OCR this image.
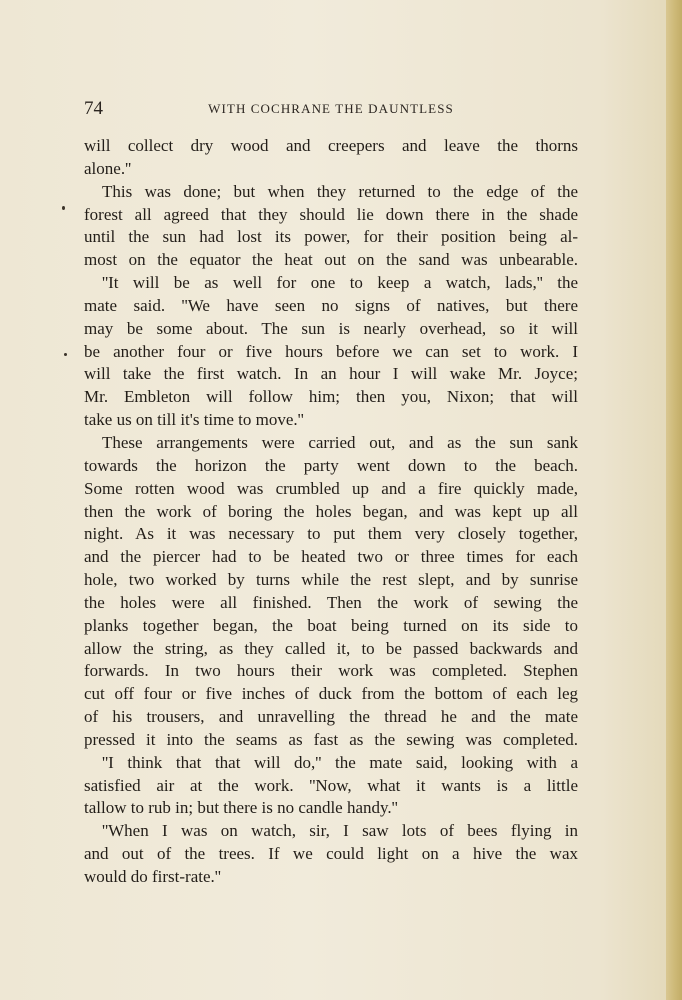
74	WITH COCHRANE THE DAUNTLESS
will collect dry wood and creepers and leave the thorns
alone.''
This was done; but when they returned to the edge of the
forest all agreed that they should lie down there in the shade
until the sun had lost its power, for their position being al-
most on the equator the heat out on the sand was unbearable.
''It will be as well for one to keep a watch, lads,'' the
mate said. ''We have seen no signs of natives, but there
may be some about. The sun is nearly overhead, so it will
be another four or five hours before we can set to work. I
will take the first watch. In an hour I will wake Mr. Joyce;
Mr. Embleton will follow him; then you, Nixon; that will
take us on till it's time to move.''
These arrangements were carried out, and as the sun sank
towards the horizon the party went down to the beach.
Some rotten wood was crumbled up and a fire quickly made,
then the work of boring the holes began, and was kept up all
night. As it was necessary to put them very closely together,
and the piercer had to be heated two or three times for each
hole, two worked by turns while the rest slept, and by sunrise
the holes were all finished. Then the work of sewing the
planks together began, the boat being turned on its side to
allow the string, as they called it, to be passed backwards and
forwards. In two hours their work was completed. Stephen
cut off four or five inches of duck from the bottom of each leg
of his trousers, and unravelling the thread he and the mate
pressed it into the seams as fast as the sewing was completed.
''I think that that will do,'' the mate said, looking with a
satisfied air at the work. ''Now, what it wants is a little
tallow to rub in; but there is no candle handy.''
''When I was on watch, sir, I saw lots of bees flying in
and out of the trees. If we could light on a hive the wax
would do first-rate.''
